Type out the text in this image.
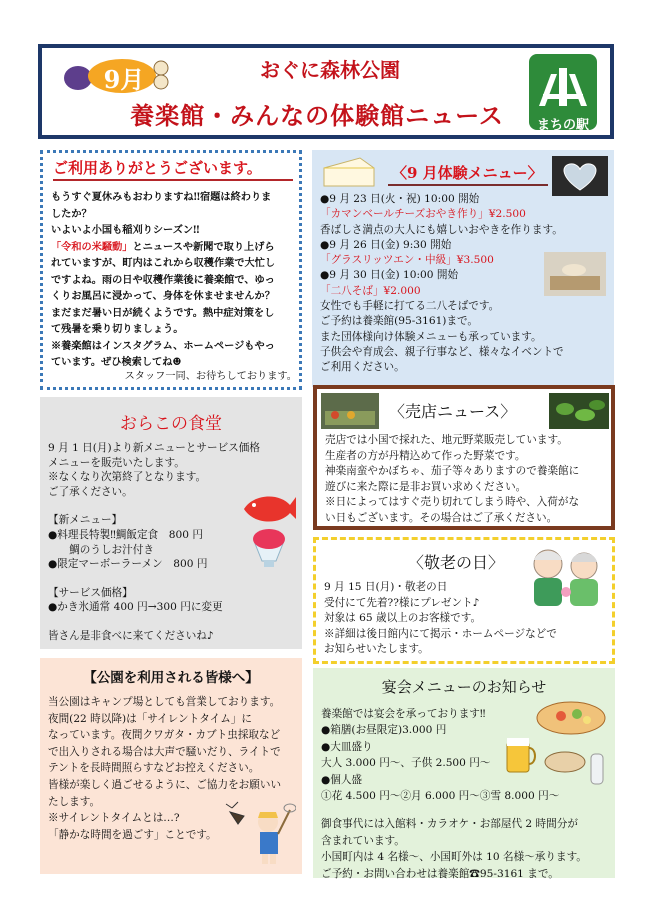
おぐに森林公園
養楽館・みんなの体験館ニュース	まちの駅
9月
ご利用ありがとうございます。
もうすぐ夏休みもおわりますね‼宿題は終わりま
したか？
いよいよ小国も稲刈りシーズン‼
「令和の米騒動」とニュースや新聞で取り上げら
れていますが、町内はこれから収穫作業で大忙し
ですよね。雨の日や収穫作業後に養楽館で、ゆっ
くりお風呂に浸かって、身体を休ませませんか？
まだまだ暑い日が続くようです。熱中症対策をし
て残暑を乗り切りましょう。
※養楽館はインスタグラム、ホームページもやっ
ています。ぜひ検索してね☻
スタッフ一同、お待ちしております。
〈9 月体験メニュー〉
●9 月 23 日(火・祝) 10:00 開始
「カマンベールチーズおやき作り」¥2.500
香ばしさ満点の大人にも嬉しいおやきを作ります。
●9 月 26 日(金) 9:30 開始
「グラスリッツエン・中級」¥3.500
●9 月 30 日(金) 10:00 開始
「二八そば」¥2.000
女性でも手軽に打てる二八そばです。
ご予約は養楽館(95-3161)まで。
また団体様向け体験メニューも承っています。
子供会や育成会、親子行事など、様々なイベントで
ご利用ください。
おらこの食堂
9 月 1 日(月)より新メニューとサービス価格
メニューを販売いたします。
※なくなり次第終了となります。
ご了承ください。
【新メニュー】
●料理長特製‼鯛飯定食　800 円
　　鯛のうしお汁付き
●限定マーボーラーメン　800 円
【サービス価格】
●かき氷通常 400 円→300 円に変更
皆さん是非食べに来てくださいね♪
〈売店ニュース〉
売店では小国で採れた、地元野菜販売しています。
生産者の方が丹精込めて作った野菜です。
神楽南蛮やかぼちゃ、茄子等々ありますので養楽館に
遊びに来た際に是非お買い求めください。
※日によってはすぐ売り切れてしまう時や、入荷がな
い日もございます。その場合はご了承ください。
〈敬老の日〉
9 月 15 日(月)・敬老の日
受付にて先着??様にプレゼント♪
対象は 65 歳以上のお客様です。
※詳細は後日館内にて掲示・ホームページなどで
お知らせいたします。
【公園を利用される皆様へ】
当公園はキャンプ場としても営業しております。
夜間(22 時以降)は「サイレントタイム」に
なっています。夜間クワガタ・カブト虫採取など
で出入りされる場合は大声で騒いだり、ライトで
テントを長時間照らすなどお控えください。
皆様が楽しく過ごせるように、ご協力をお願いい
たします。
※サイレントタイムとは…?
「静かな時間を過ごす」ことです。
宴会メニューのお知らせ
養楽館では宴会を承っております‼
●箱膳(お昼限定)3.000 円
●大皿盛り
大人 3.000 円～、子供 2.500 円～
●個人盛
①花 4.500 円～②月 6.000 円～③雪 8.000 円～
御食事代には入館料・カラオケ・お部屋代 2 時間分が
含まれています。
小国町内は 4 名様～、小国町外は 10 名様～承ります。
ご予約・お問い合わせは養楽館☎95-3161 まで。
